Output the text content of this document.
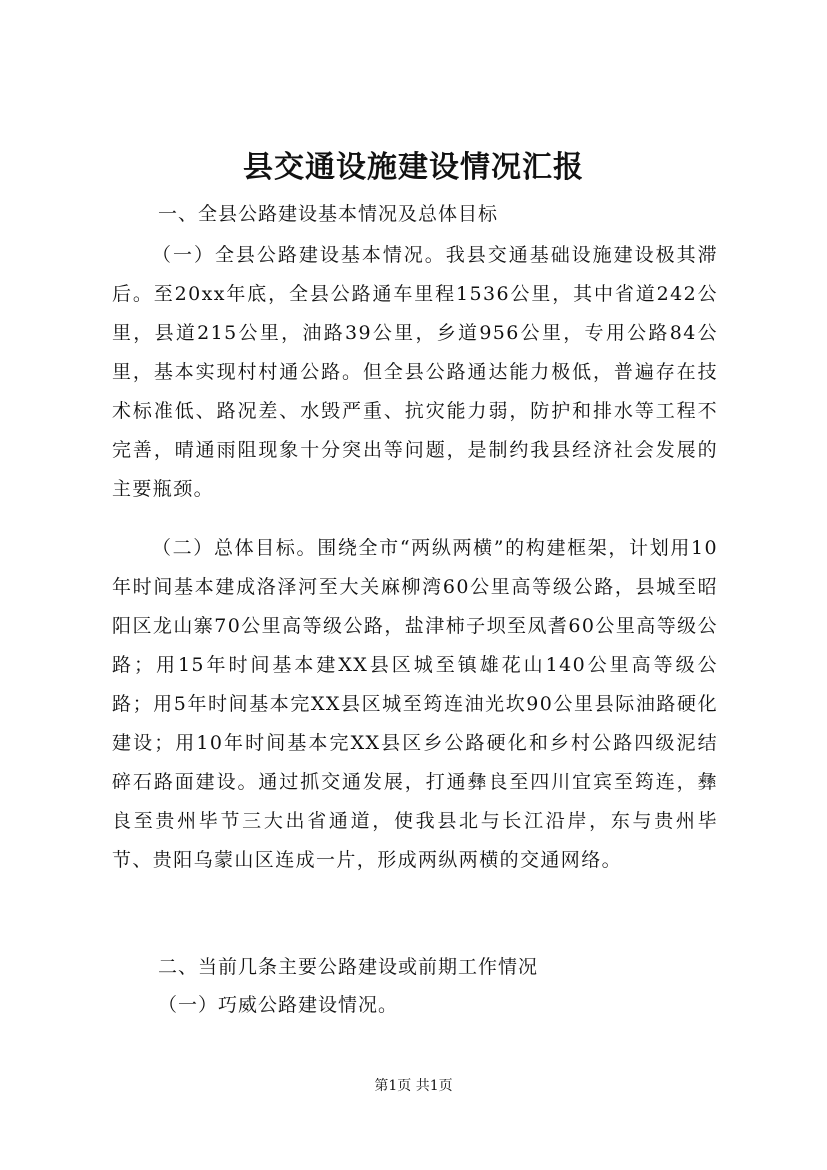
县交通设施建设情况汇报

一、全县公路建设基本情况及总体目标

（一）全县公路建设基本情况。我县交通基础设施建设极其滞后。至20xx年底，全县公路通车里程1536公里，其中省道242公里，县道215公里，油路39公里，乡道956公里，专用公路84公里，基本实现村村通公路。但全县公路通达能力极低，普遍存在技术标准低、路况差、水毁严重、抗灾能力弱，防护和排水等工程不完善，晴通雨阻现象十分突出等问题，是制约我县经济社会发展的主要瓶颈。

（二）总体目标。围绕全市“两纵两横”的构建框架，计划用10年时间基本建成洛泽河至大关麻柳湾60公里高等级公路，县城至昭阳区龙山寨70公里高等级公路，盐津柿子坝至凤耆60公里高等级公路；用15年时间基本建XX县区城至镇雄花山140公里高等级公路；用5年时间基本完XX县区城至筠连油光坎90公里县际油路硬化建设；用10年时间基本完XX县区乡公路硬化和乡村公路四级泥结碎石路面建设。通过抓交通发展，打通彝良至四川宜宾至筠连，彝良至贵州毕节三大出省通道，使我县北与长江沿岸，东与贵州毕节、贵阳乌蒙山区连成一片，形成两纵两横的交通网络。

二、当前几条主要公路建设或前期工作情况

（一）巧威公路建设情况。

第1页 共1页
